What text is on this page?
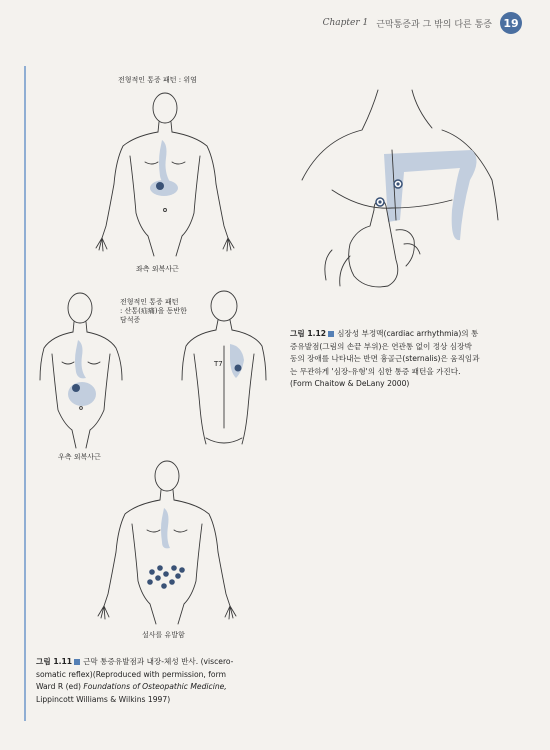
Chapter 1 근막통증과 그 밖의 다른 통증	19
전형적인 통증 패턴 : 위염
좌측 외복사근
전형적인 통증 패턴
: 산통(疝痛)을 동반한
담석증
우측 외복사근
T7
설사를 유발함
그림 1.12 심장성 부정맥(cardiac arrhythmia)의 통
증유발점(그림의 손끝 부위)은 연관통 없이 정상 심장박
동의 장애를 나타내는 반면 흉골근(sternalis)은 움직임과
는 무관하게 '심장-유형'의 심한 통증 패턴을 가진다.
(Form Chaitow & DeLany 2000)
그림 1.11 근막 통증유발점과 내장-체성 반사. (viscero-
somatic reflex)(Reproduced with permission, form
Ward R (ed) Foundations of Osteopathic Medicine,
Lippincott Williams & Wilkins 1997)
